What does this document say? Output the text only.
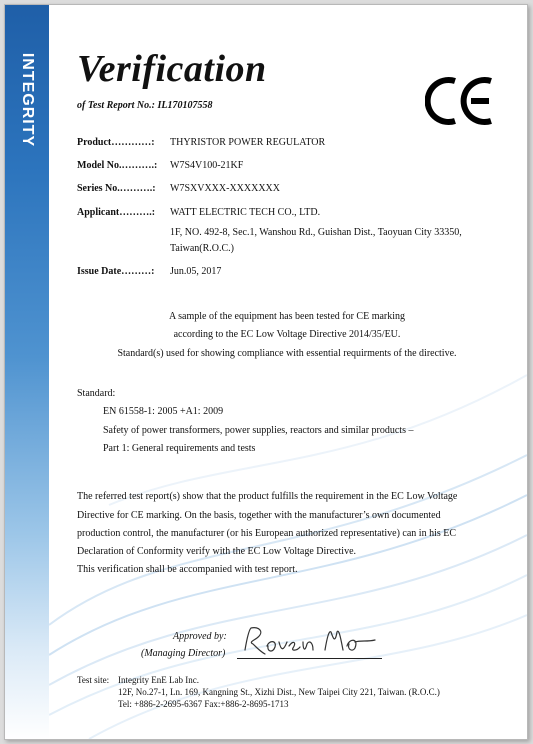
INTEGRITY Verification
of Test Report No.: IL170107558
Product…………: THYRISTOR POWER REGULATOR
Model No.……….: W7S4V100-21KF
Series No.……….: W7SXVXXX-XXXXXXX
Applicant……….: WATT ELECTRIC TECH CO., LTD.
1F, NO. 492-8, Sec.1, Wanshou Rd., Guishan Dist., Taoyuan City 33350,
Taiwan(R.O.C.)
Issue Date………: Jun.05, 2017
A sample of the equipment has been tested for CE marking
according to the EC Low Voltage Directive 2014/35/EU.
Standard(s) used for showing compliance with essential requirments of the directive.
Standard:
EN 61558-1: 2005 +A1: 2009
Safety of power transformers, power supplies, reactors and similar products –
Part 1: General requirements and tests
The referred test report(s) show that the product fulfills the requirement in the EC Low Voltage
Directive for CE marking. On the basis, together with the manufacturer’s own documented
production control, the manufacturer (or his European authorized representative) can in his EC
Declaration of Conformity verify with the EC Low Voltage Directive.
This verification shall be accompanied with test report.
Approved by:
(Managing Director)
Test site: Integrity EnE Lab Inc.
12F, No.27-1, Ln. 169, Kangning St., Xizhi Dist., New Taipei City 221, Taiwan. (R.O.C.)
Tel: +886-2-2695-6367 Fax:+886-2-8695-1713
